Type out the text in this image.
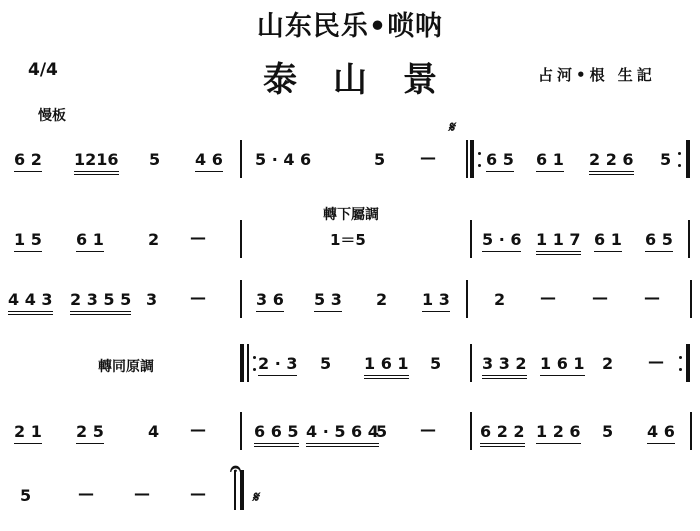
山东民乐•唢呐
泰山景
4/4	占河•根 生記
慢板
6 2 1216 5 4 6 5 · 4 6	5 —	6 5 6 1 2 2 6 5
𝄋
轉下屬調
1＝5
1 5 6 1	2 —	5 · 6 1 1 7 6 1 6 5
4 4 3 2 3 5 5 3 —	3 6 5 3 2 1 3	2 — — —
轉同原調	2 · 3 5 1 6 1 5	3 3 2 1 6 1 2 —
2 1 2 5	4 —	6 6 5 4 · 5 6 4
5 —	6 2 2 1 2 6 5 4 6
5	—	—	—
𝄐
𝄋
